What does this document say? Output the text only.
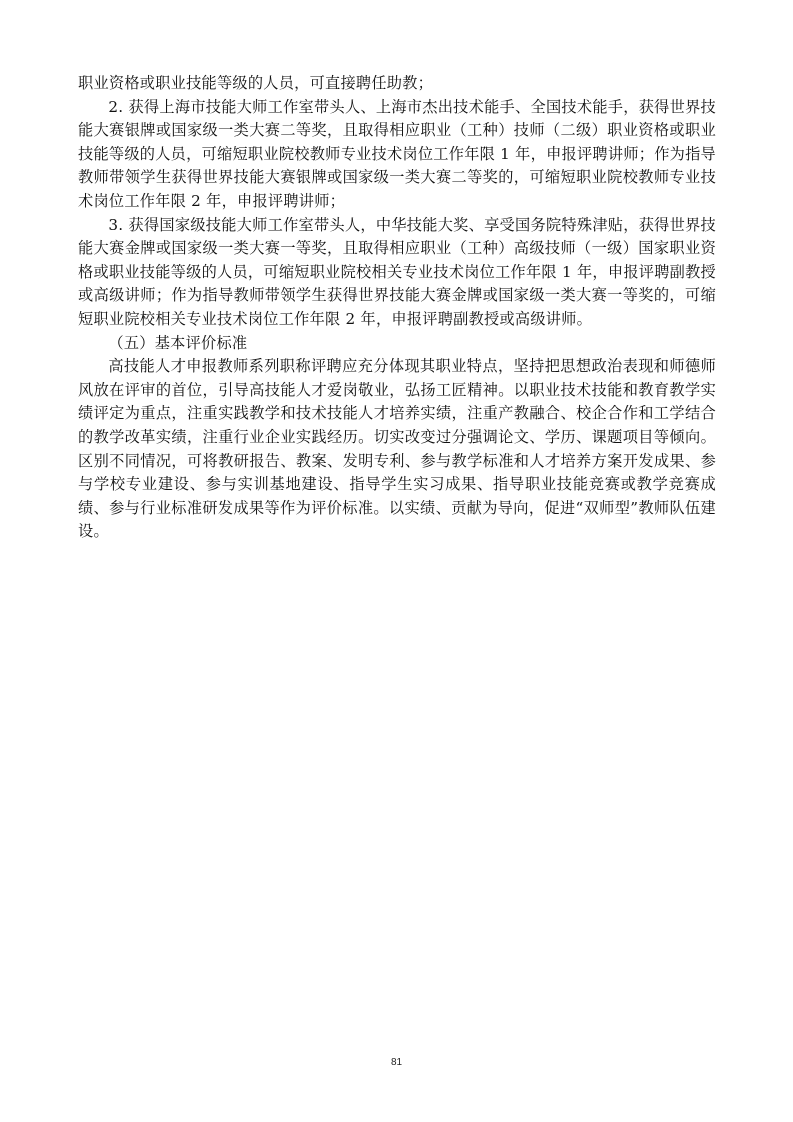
职业资格或职业技能等级的人员，可直接聘任助教；

2. 获得上海市技能大师工作室带头人、上海市杰出技术能手、全国技术能手，获得世界技能大赛银牌或国家级一类大赛二等奖，且取得相应职业（工种）技师（二级）职业资格或职业技能等级的人员，可缩短职业院校教师专业技术岗位工作年限 1 年，申报评聘讲师；作为指导教师带领学生获得世界技能大赛银牌或国家级一类大赛二等奖的，可缩短职业院校教师专业技术岗位工作年限 2 年，申报评聘讲师；

3. 获得国家级技能大师工作室带头人，中华技能大奖、享受国务院特殊津贴，获得世界技能大赛金牌或国家级一类大赛一等奖，且取得相应职业（工种）高级技师（一级）国家职业资格或职业技能等级的人员，可缩短职业院校相关专业技术岗位工作年限 1 年，申报评聘副教授或高级讲师；作为指导教师带领学生获得世界技能大赛金牌或国家级一类大赛一等奖的，可缩短职业院校相关专业技术岗位工作年限 2 年，申报评聘副教授或高级讲师。

（五）基本评价标准

高技能人才申报教师系列职称评聘应充分体现其职业特点，坚持把思想政治表现和师德师风放在评审的首位，引导高技能人才爱岗敬业，弘扬工匠精神。以职业技术技能和教育教学实绩评定为重点，注重实践教学和技术技能人才培养实绩，注重产教融合、校企合作和工学结合的教学改革实绩，注重行业企业实践经历。切实改变过分强调论文、学历、课题项目等倾向。区别不同情况，可将教研报告、教案、发明专利、参与教学标准和人才培养方案开发成果、参与学校专业建设、参与实训基地建设、指导学生实习成果、指导职业技能竞赛或教学竞赛成绩、参与行业标准研发成果等作为评价标准。以实绩、贡献为导向，促进“双师型”教师队伍建设。

81
